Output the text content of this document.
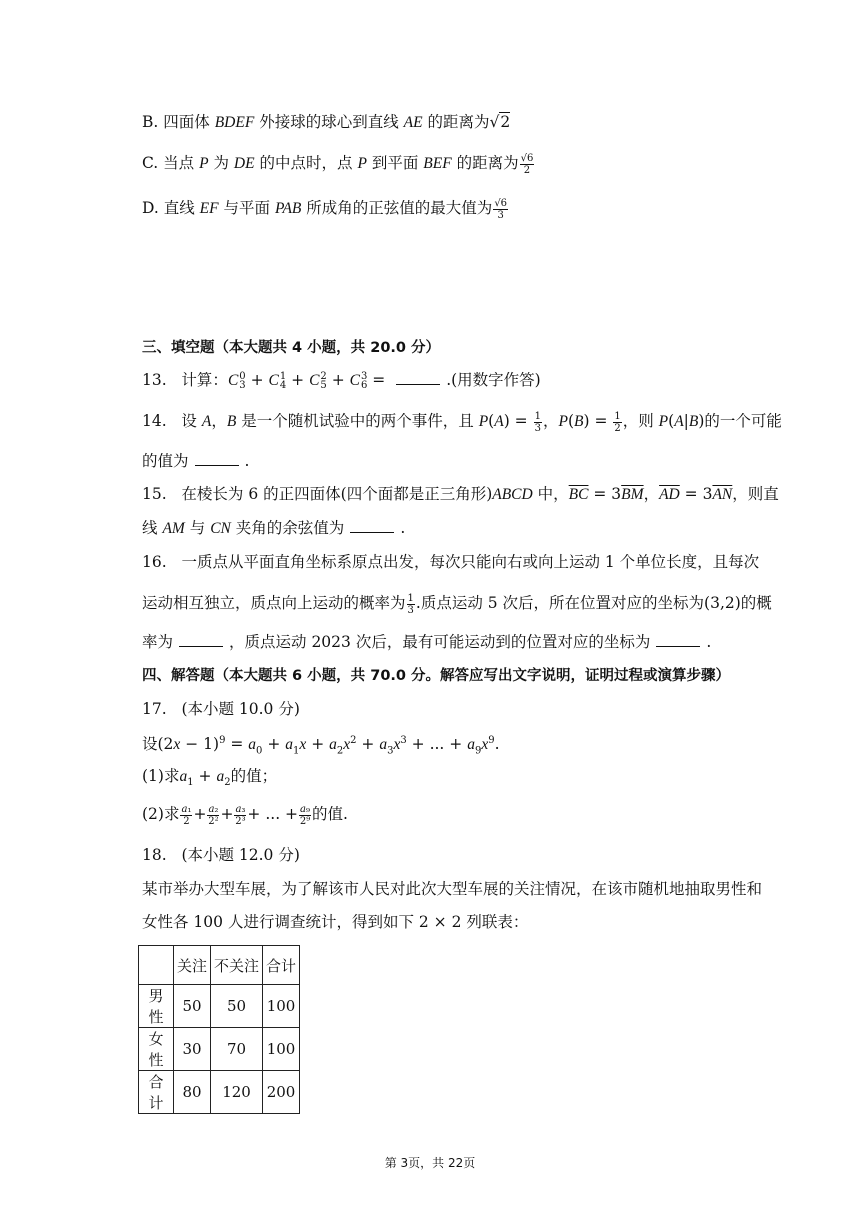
B. 四面体 BDEF 外接球的球心到直线 AE 的距离为√2
C. 当点 P 为 DE 的中点时，点 P 到平面 BEF 的距离为 $\frac{√6}{2}$
D. 直线 EF 与平面 PAB 所成角的正弦值的最大值为 $\frac{√6}{3}$
三、填空题（本大题共 4 小题，共 20.0 分）
13.   计算：C 0
3 + C 1
4 + C 2
5 + C 3
6 =	.(用数字作答)
14.   设 A，B 是一个随机试验中的两个事件，且 $P(A) = \frac{1}{3}$ ，$P(B) = \frac{1}{2}$ ，则 P(A|B)的一个可能
的值为	.
15.   在棱长为 6 的正四面体(四个面都是正三角形)ABCD 中，$\overline{BC} = 3\overline{BM}$，$\overline{AD} = 3\overline{AN}$，则直
线 AM 与 CN 夹角的余弦值为	.
16. 一质点从平面直角坐标系原点出发，每次只能向右或向上运动 1 个单位长度，且每次
运动相互独立，质点向上运动的概率为 $\frac{1}{3}$ .质点运动 5 次后，所在位置对应的坐标为(3,2)的概
率为	，质点运动 2023 次后，最有可能运动到的位置对应的坐标为	.
四、解答题（本大题共 6 小题，共 70.0 分。解答应写出文字说明，证明过程或演算步骤）
17. (本小题 10.0 分)
设$(2x - 1)^9 = a_0 + a_1x + a_2x^2 + a_3x^3$ + ... + $a_9x^9$.
(1)求$a_1 + a_2$的值；
(2)求 $\frac{\text{a₁}}{2} + \frac{\text{a₂}}{\text{2²}} + \frac{\text{a₃}}{\text{2³}}$ + ... + $\frac{\text{a₉}}{\text{2⁹}}$ 的值.
18. (本小题 12.0 分)
某市举办大型车展，为了解该市人民对此次大型车展的关注情况，在该市随机地抽取男性和
女性各 100 人进行调查统计，得到如下 2 × 2 列联表：
	关注	不关注	合计
男性	50	50	100
女性	30	70	100
合计	80	120	200
第 3页，共 22页
